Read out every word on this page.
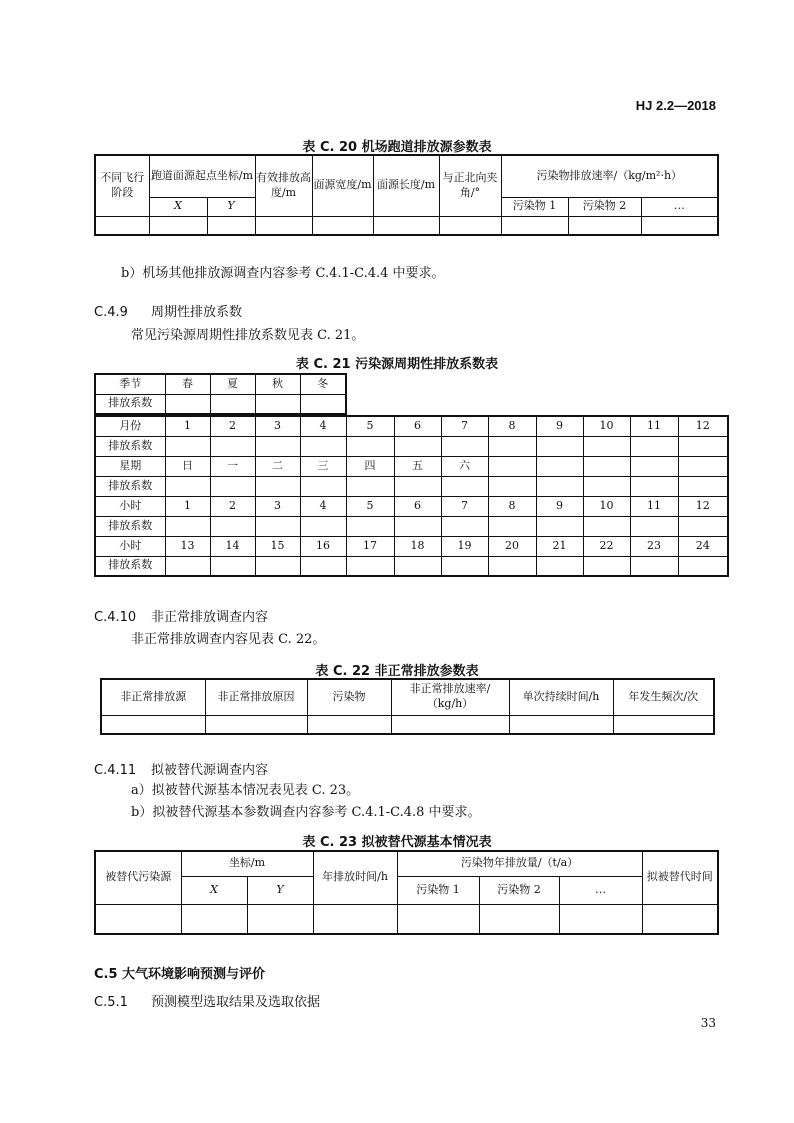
HJ 2.2—2018
表 C. 20 机场跑道排放源参数表
不同飞行阶段	跑道面源起点坐标/m		有效排放高度/m	面源宽度/m	面源长度/m	与正北向夹角/°	污染物排放速率/（kg/m²·h）		
	X	Y					污染物 1	污染物 2	…

b）机场其他排放源调查内容参考 C.4.1-C.4.4 中要求。
C.4.9 周期性排放系数
常见污染源周期性排放系数见表 C. 21。
表 C. 21 污染源周期性排放系数表
季节	春	夏	秋	冬
排放系数				
月份	1	2	3	4	5	6	7	8	9	10	11	12
排放系数												
星期	日	一	二	三	四	五	六					
排放系数												
小时	1	2	3	4	5	6	7	8	9	10	11	12
排放系数												
小时	13	14	15	16	17	18	19	20	21	22	23	24
排放系数												
C.4.10 非正常排放调查内容
非正常排放调查内容见表 C. 22。
表 C. 22 非正常排放参数表
非正常排放源	非正常排放原因	污染物	非正常排放速率/（kg/h）	单次持续时间/h	年发生频次/次

C.4.11 拟被替代源调查内容
a）拟被替代源基本情况表见表 C. 23。
b）拟被替代源基本参数调查内容参考 C.4.1-C.4.8 中要求。
表 C. 23 拟被替代源基本情况表
被替代污染源	坐标/m		年排放时间/h	污染物年排放量/（t/a）			拟被替代时间
	X	Y		污染物 1	污染物 2	…	

C.5 大气环境影响预测与评价
C.5.1 预测模型选取结果及选取依据
33
